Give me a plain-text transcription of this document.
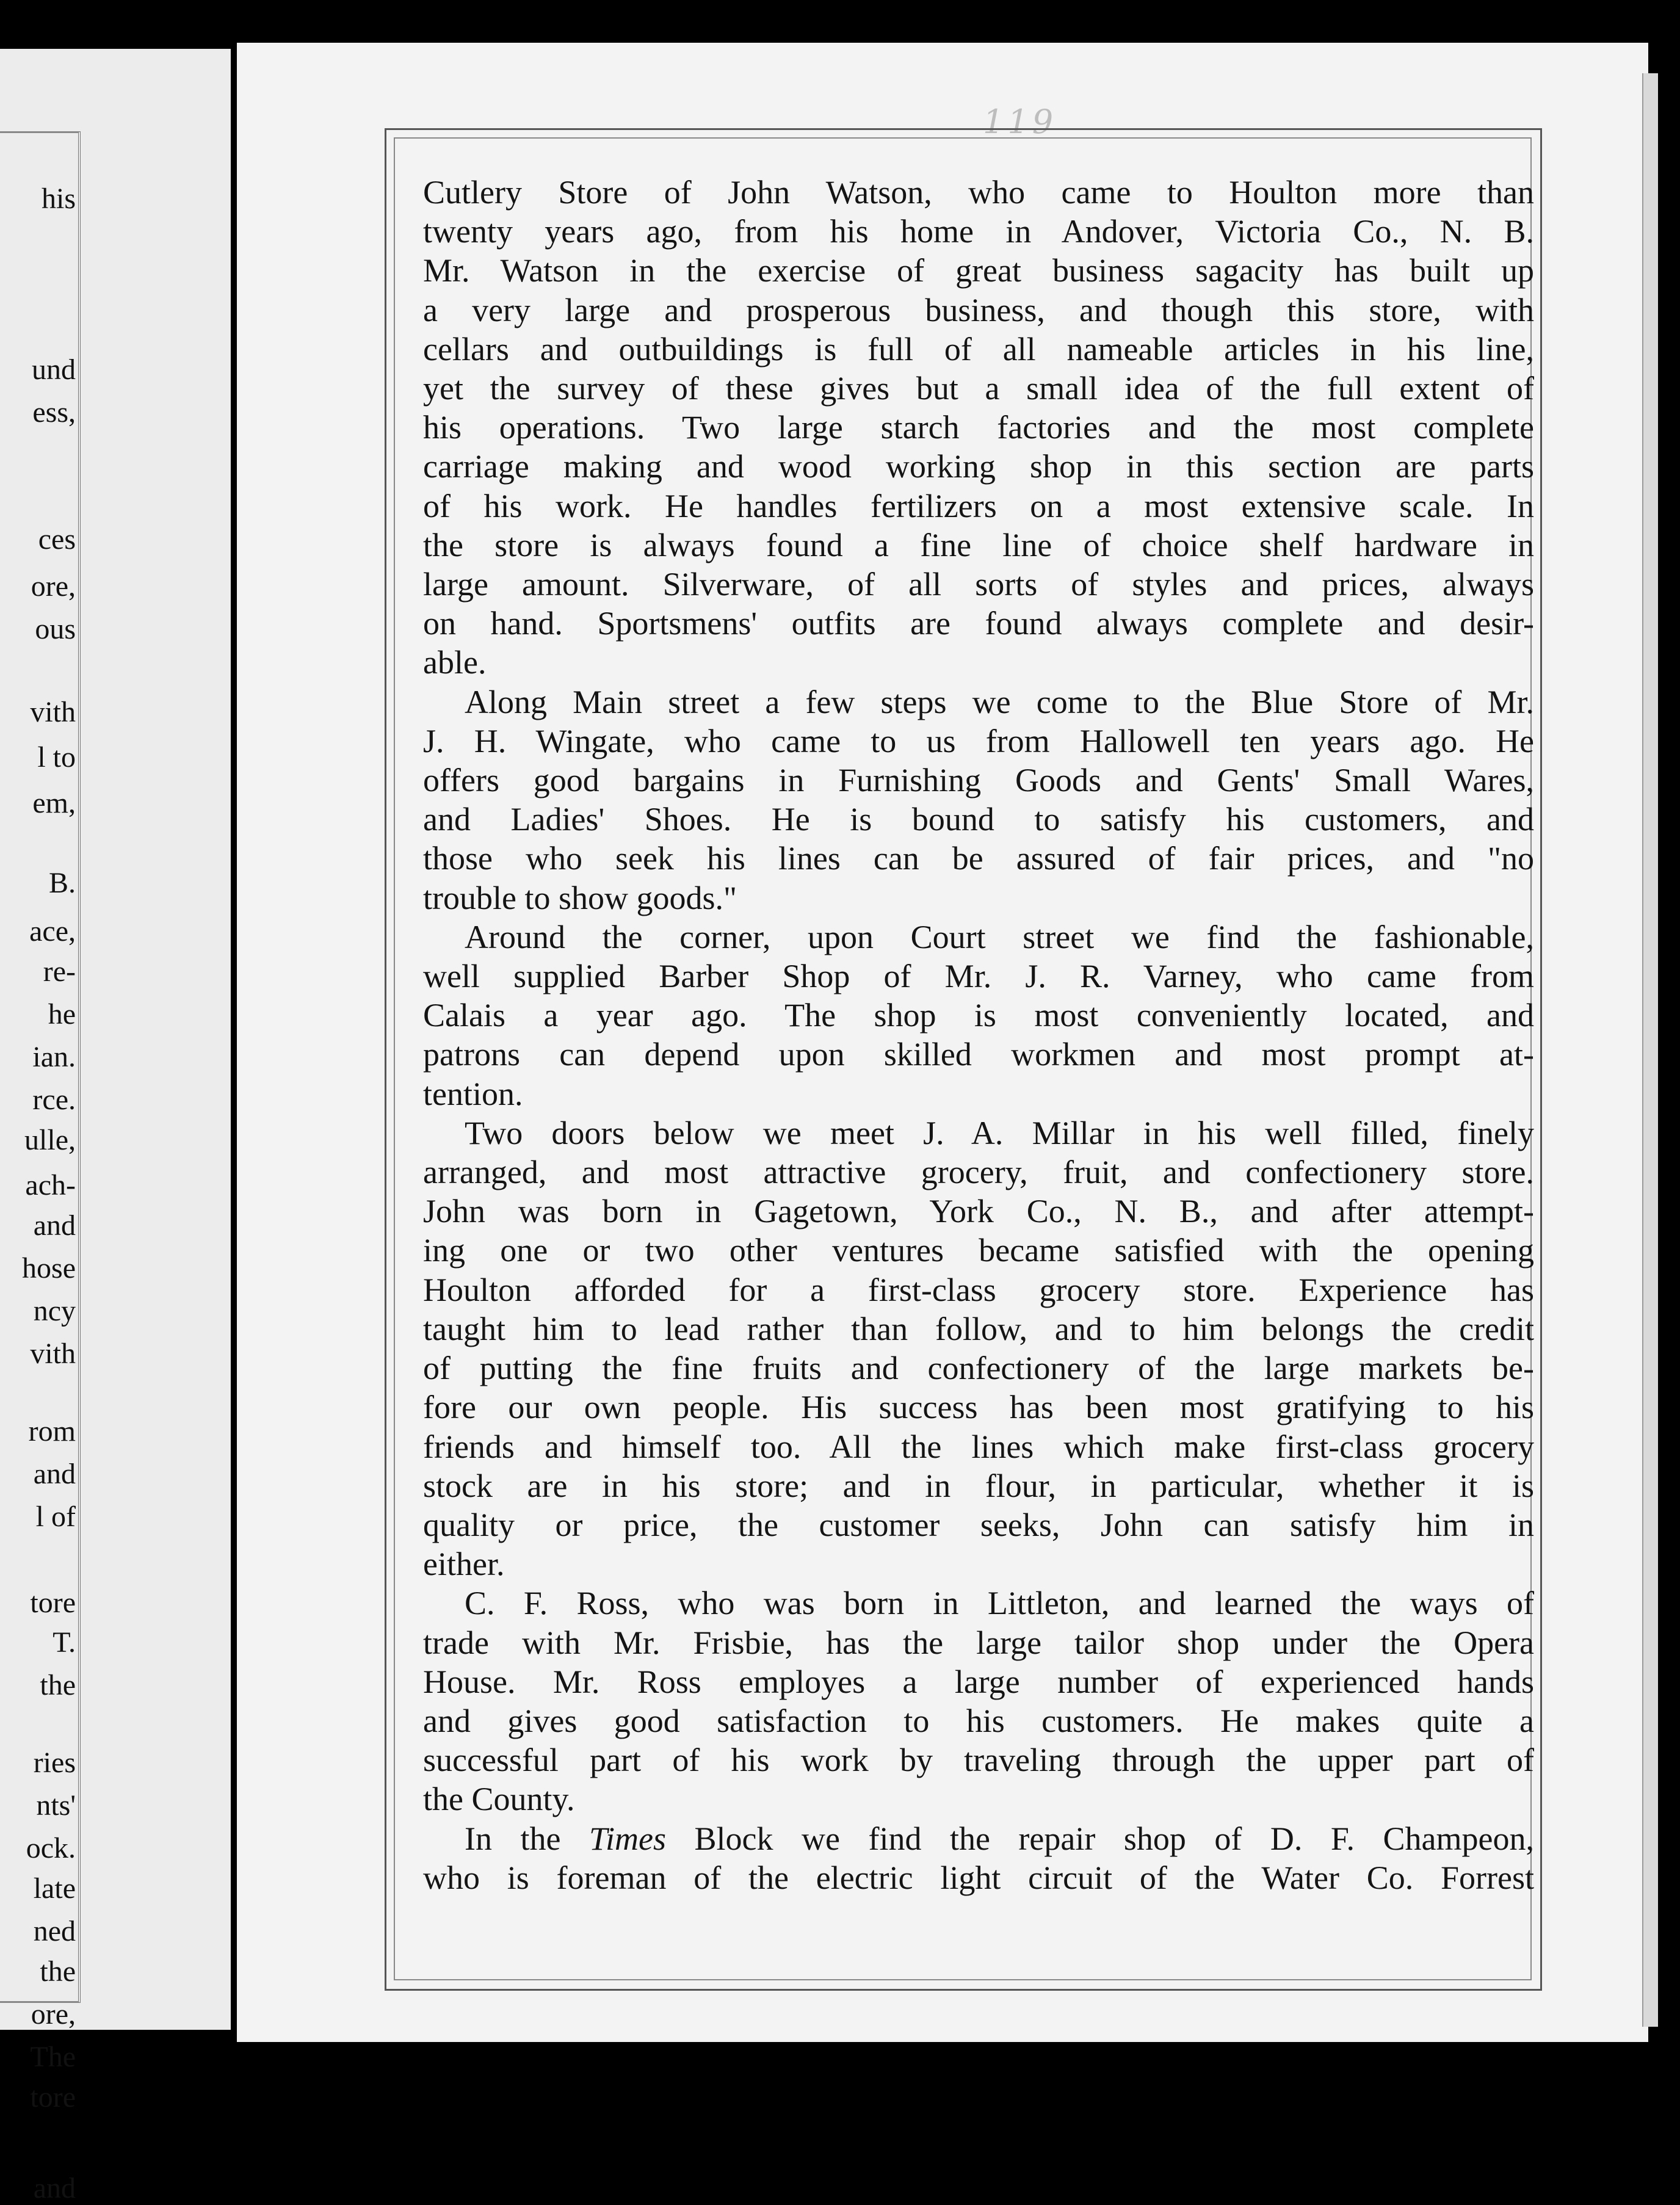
his
und
ess,
ces
ore,
ous
vith
l to
em,
B.
ace,
re-
he
ian.
rce.
ulle,
ach-
and
hose
ncy
vith
rom
and
l of
tore
T.
the
ries
nts'
ock.
late
ned
the
ore,
The
tore
and
119
Cutlery Store of John Watson, who came to Houlton more than
twenty years ago, from his home in Andover, Victoria Co., N. B.
Mr. Watson in the exercise of great business sagacity has built up
a very large and prosperous business, and though this store, with
cellars and outbuildings is full of all nameable articles in his line,
yet the survey of these gives but a small idea of the full extent of
his operations. Two large starch factories and the most complete
carriage making and wood working shop in this section are parts
of his work. He handles fertilizers on a most extensive scale. In
the store is always found a fine line of choice shelf hardware in
large amount. Silverware, of all sorts of styles and prices, always
on hand. Sportsmens' outfits are found always complete and desir-
able.
Along Main street a few steps we come to the Blue Store of Mr.
J. H. Wingate, who came to us from Hallowell ten years ago. He
offers good bargains in Furnishing Goods and Gents' Small Wares,
and Ladies' Shoes. He is bound to satisfy his customers, and
those who seek his lines can be assured of fair prices, and "no
trouble to show goods."
Around the corner, upon Court street we find the fashionable,
well supplied Barber Shop of Mr. J. R. Varney, who came from
Calais a year ago. The shop is most conveniently located, and
patrons can depend upon skilled workmen and most prompt at-
tention.
Two doors below we meet J. A. Millar in his well filled, finely
arranged, and most attractive grocery, fruit, and confectionery store.
John was born in Gagetown, York Co., N. B., and after attempt-
ing one or two other ventures became satisfied with the opening
Houlton afforded for a first-class grocery store. Experience has
taught him to lead rather than follow, and to him belongs the credit
of putting the fine fruits and confectionery of the large markets be-
fore our own people. His success has been most gratifying to his
friends and himself too. All the lines which make first-class grocery
stock are in his store; and in flour, in particular, whether it is
quality or price, the customer seeks, John can satisfy him in
either.
C. F. Ross, who was born in Littleton, and learned the ways of
trade with Mr. Frisbie, has the large tailor shop under the Opera
House. Mr. Ross employes a large number of experienced hands
and gives good satisfaction to his customers. He makes quite a
successful part of his work by traveling through the upper part of
the County.
In the Times Block we find the repair shop of D. F. Champeon,
who is foreman of the electric light circuit of the Water Co. Forrest
